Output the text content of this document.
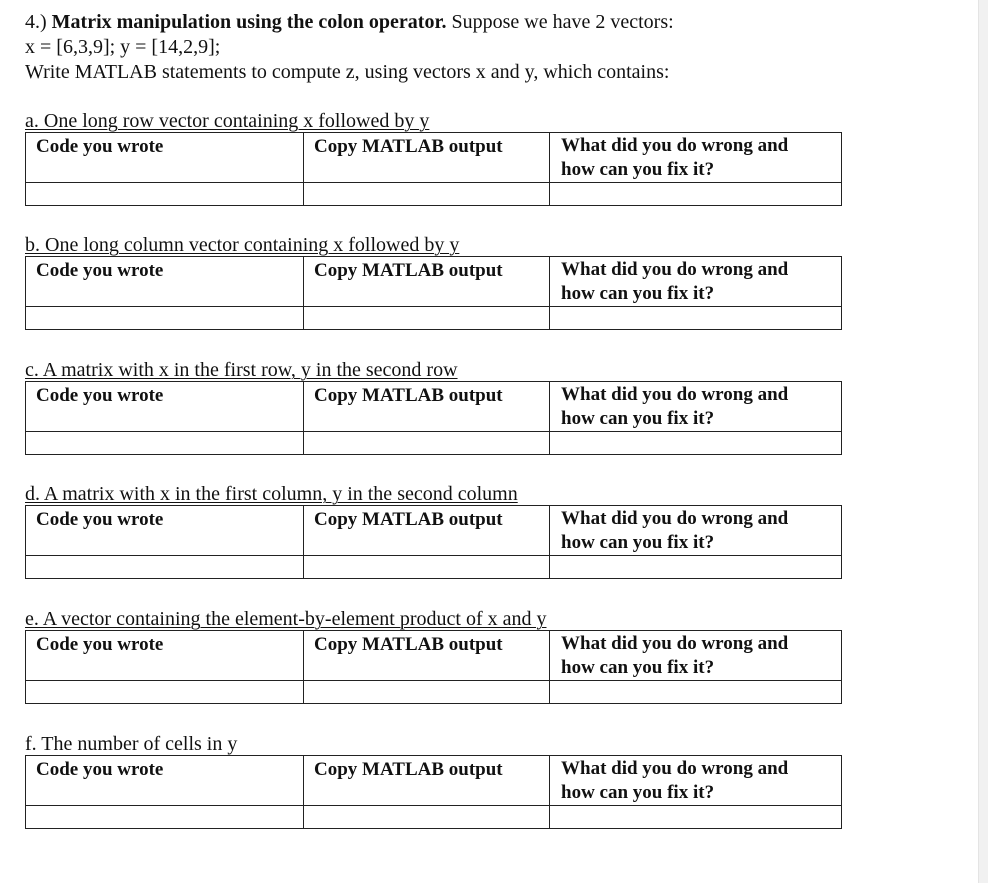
4.) Matrix manipulation using the colon operator. Suppose we have 2 vectors:
x = [6,3,9]; y = [14,2,9];
Write MATLAB statements to compute z, using vectors x and y, which contains:
a. One long row vector containing x followed by y
Code you wrote	Copy MATLAB output	What did you do wrong and
how can you fix it?

b. One long column vector containing x followed by y
Code you wrote	Copy MATLAB output	What did you do wrong and
how can you fix it?

c. A matrix with x in the first row, y in the second row
Code you wrote	Copy MATLAB output	What did you do wrong and
how can you fix it?

d. A matrix with x in the first column, y in the second column
Code you wrote	Copy MATLAB output	What did you do wrong and
how can you fix it?

e. A vector containing the element-by-element product of x and y
Code you wrote	Copy MATLAB output	What did you do wrong and
how can you fix it?

f. The number of cells in y
Code you wrote	Copy MATLAB output	What did you do wrong and
how can you fix it?
